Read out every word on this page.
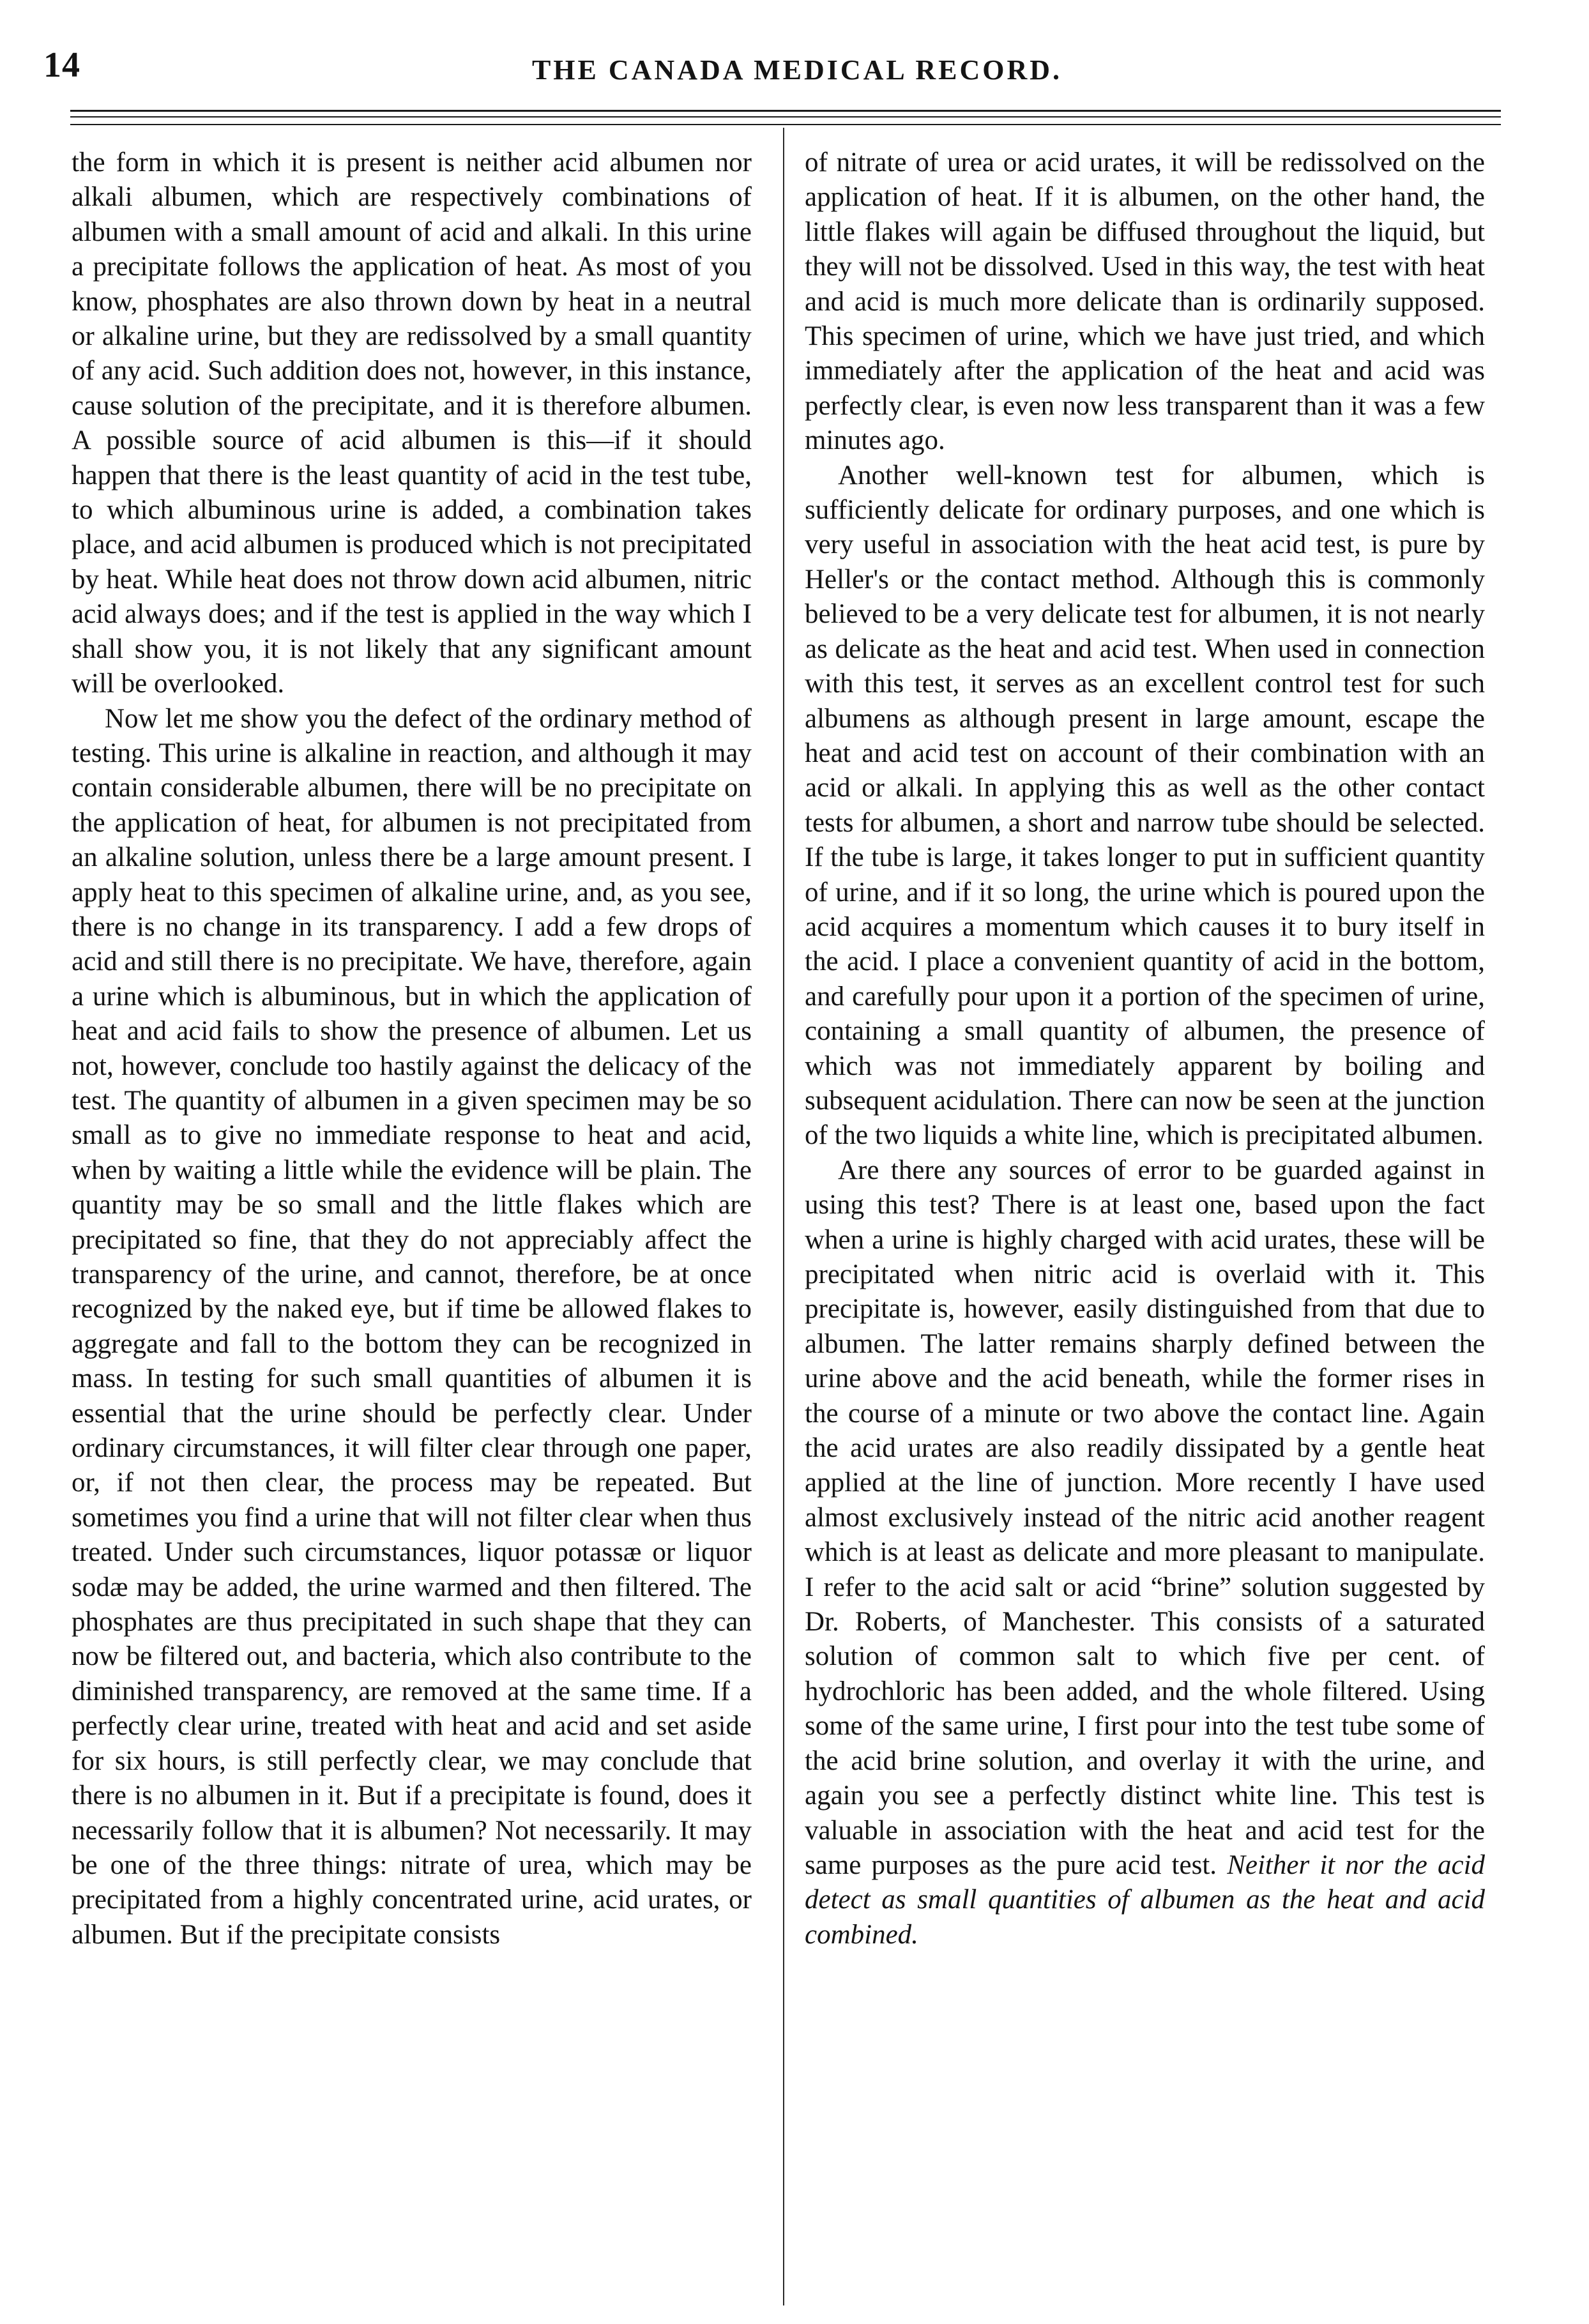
14	THE CANADA MEDICAL RECORD.

the form in which it is present is neither acid albumen nor alkali albumen, which are respectively combinations of albumen with a small amount of acid and alkali. In this urine a precipitate follows the application of heat. As most of you know, phosphates are also thrown down by heat in a neutral or alkaline urine, but they are redissolved by a small quantity of any acid. Such addition does not, however, in this instance, cause solution of the precipitate, and it is therefore albumen. A possible source of acid albumen is this—if it should happen that there is the least quantity of acid in the test tube, to which albuminous urine is added, a combination takes place, and acid albumen is produced which is not precipitated by heat. While heat does not throw down acid albumen, nitric acid always does; and if the test is applied in the way which I shall show you, it is not likely that any significant amount will be overlooked.

Now let me show you the defect of the ordinary method of testing. This urine is alkaline in reaction, and although it may contain considerable albumen, there will be no precipitate on the application of heat, for albumen is not precipitated from an alkaline solution, unless there be a large amount present. I apply heat to this specimen of alkaline urine, and, as you see, there is no change in its transparency. I add a few drops of acid and still there is no precipitate. We have, therefore, again a urine which is albuminous, but in which the application of heat and acid fails to show the presence of albumen. Let us not, however, conclude too hastily against the delicacy of the test. The quantity of albumen in a given specimen may be so small as to give no immediate response to heat and acid, when by waiting a little while the evidence will be plain. The quantity may be so small and the little flakes which are precipitated so fine, that they do not appreciably affect the transparency of the urine, and cannot, therefore, be at once recognized by the naked eye, but if time be allowed flakes to aggregate and fall to the bottom they can be recognized in mass. In testing for such small quantities of albumen it is essential that the urine should be perfectly clear. Under ordinary circumstances, it will filter clear through one paper, or, if not then clear, the process may be repeated. But sometimes you find a urine that will not filter clear when thus treated. Under such circumstances, liquor potassæ or liquor sodæ may be added, the urine warmed and then filtered. The phosphates are thus precipitated in such shape that they can now be filtered out, and bacteria, which also contribute to the diminished transparency, are removed at the same time. If a perfectly clear urine, treated with heat and acid and set aside for six hours, is still perfectly clear, we may conclude that there is no albumen in it. But if a precipitate is found, does it necessarily follow that it is albumen? Not necessarily. It may be one of the three things: nitrate of urea, which may be precipitated from a highly concentrated urine, acid urates, or albumen. But if the precipitate consists

of nitrate of urea or acid urates, it will be redissolved on the application of heat. If it is albumen, on the other hand, the little flakes will again be diffused throughout the liquid, but they will not be dissolved. Used in this way, the test with heat and acid is much more delicate than is ordinarily supposed. This specimen of urine, which we have just tried, and which immediately after the application of the heat and acid was perfectly clear, is even now less transparent than it was a few minutes ago.

Another well-known test for albumen, which is sufficiently delicate for ordinary purposes, and one which is very useful in association with the heat acid test, is pure by Heller's or the contact method. Although this is commonly believed to be a very delicate test for albumen, it is not nearly as delicate as the heat and acid test. When used in connection with this test, it serves as an excellent control test for such albumens as although present in large amount, escape the heat and acid test on account of their combination with an acid or alkali. In applying this as well as the other contact tests for albumen, a short and narrow tube should be selected. If the tube is large, it takes longer to put in sufficient quantity of urine, and if it so long, the urine which is poured upon the acid acquires a momentum which causes it to bury itself in the acid. I place a convenient quantity of acid in the bottom, and carefully pour upon it a portion of the specimen of urine, containing a small quantity of albumen, the presence of which was not immediately apparent by boiling and subsequent acidulation. There can now be seen at the junction of the two liquids a white line, which is precipitated albumen.

Are there any sources of error to be guarded against in using this test? There is at least one, based upon the fact when a urine is highly charged with acid urates, these will be precipitated when nitric acid is overlaid with it. This precipitate is, however, easily distinguished from that due to albumen. The latter remains sharply defined between the urine above and the acid beneath, while the former rises in the course of a minute or two above the contact line. Again the acid urates are also readily dissipated by a gentle heat applied at the line of junction. More recently I have used almost exclusively instead of the nitric acid another reagent which is at least as delicate and more pleasant to manipulate. I refer to the acid salt or acid “brine” solution suggested by Dr. Roberts, of Manchester. This consists of a saturated solution of common salt to which five per cent. of hydrochloric has been added, and the whole filtered. Using some of the same urine, I first pour into the test tube some of the acid brine solution, and overlay it with the urine, and again you see a perfectly distinct white line. This test is valuable in association with the heat and acid test for the same purposes as the pure acid test. Neither it nor the acid detect as small quantities of albumen as the heat and acid combined.
